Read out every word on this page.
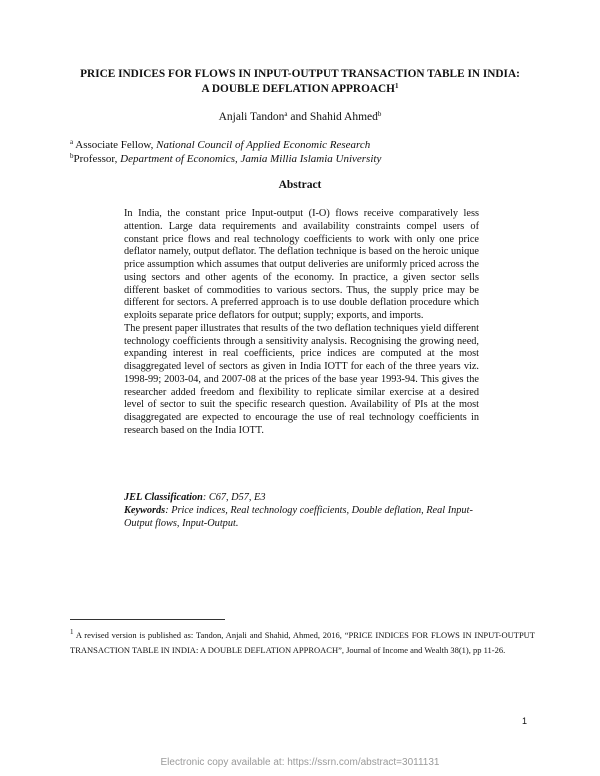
PRICE INDICES FOR FLOWS IN INPUT-OUTPUT TRANSACTION TABLE IN INDIA:
A DOUBLE DEFLATION APPROACH$^1$
Anjali Tandon$^a$ and Shahid Ahmed$^b$
$^a$ Associate Fellow, National Council of Applied Economic Research
$^b$Professor, Department of Economics, Jamia Millia Islamia University
Abstract

In India, the constant price Input-output (I-O) flows receive comparatively less attention. Large data requirements and availability constraints compel users of constant price flows and real technology coefficients to work with only one price deflator namely, output deflator. The deflation technique is based on the heroic unique price assumption which assumes that output deliveries are uniformly priced across the using sectors and other agents of the economy. In practice, a given sector sells different basket of commodities to various sectors. Thus, the supply price may be different for sectors. A preferred approach is to use double deflation procedure which exploits separate price deflators for output; supply; exports, and imports.

The present paper illustrates that results of the two deflation techniques yield different technology coefficients through a sensitivity analysis. Recognising the growing need, expanding interest in real coefficients, price indices are computed at the most disaggregated level of sectors as given in India IOTT for each of the three years viz. 1998-99; 2003-04, and 2007-08 at the prices of the base year 1993-94. This gives the researcher added freedom and flexibility to replicate similar exercise at a desired level of sector to suit the specific research question. Availability of PIs at the most disaggregated are expected to encourage the use of real technology coefficients in research based on the India IOTT.

JEL Classification: C67, D57, E3

Keywords: Price indices, Real technology coefficients, Double deflation, Real Input-Output flows, Input-Output.

$^1$ A revised version is published as: Tandon, Anjali and Shahid, Ahmed, 2016, “PRICE INDICES FOR FLOWS IN INPUT-OUTPUT TRANSACTION TABLE IN INDIA: A DOUBLE DEFLATION APPROACH”, Journal of Income and Wealth 38(1), pp 11-26.
1
Electronic copy available at: https://ssrn.com/abstract=3011131
